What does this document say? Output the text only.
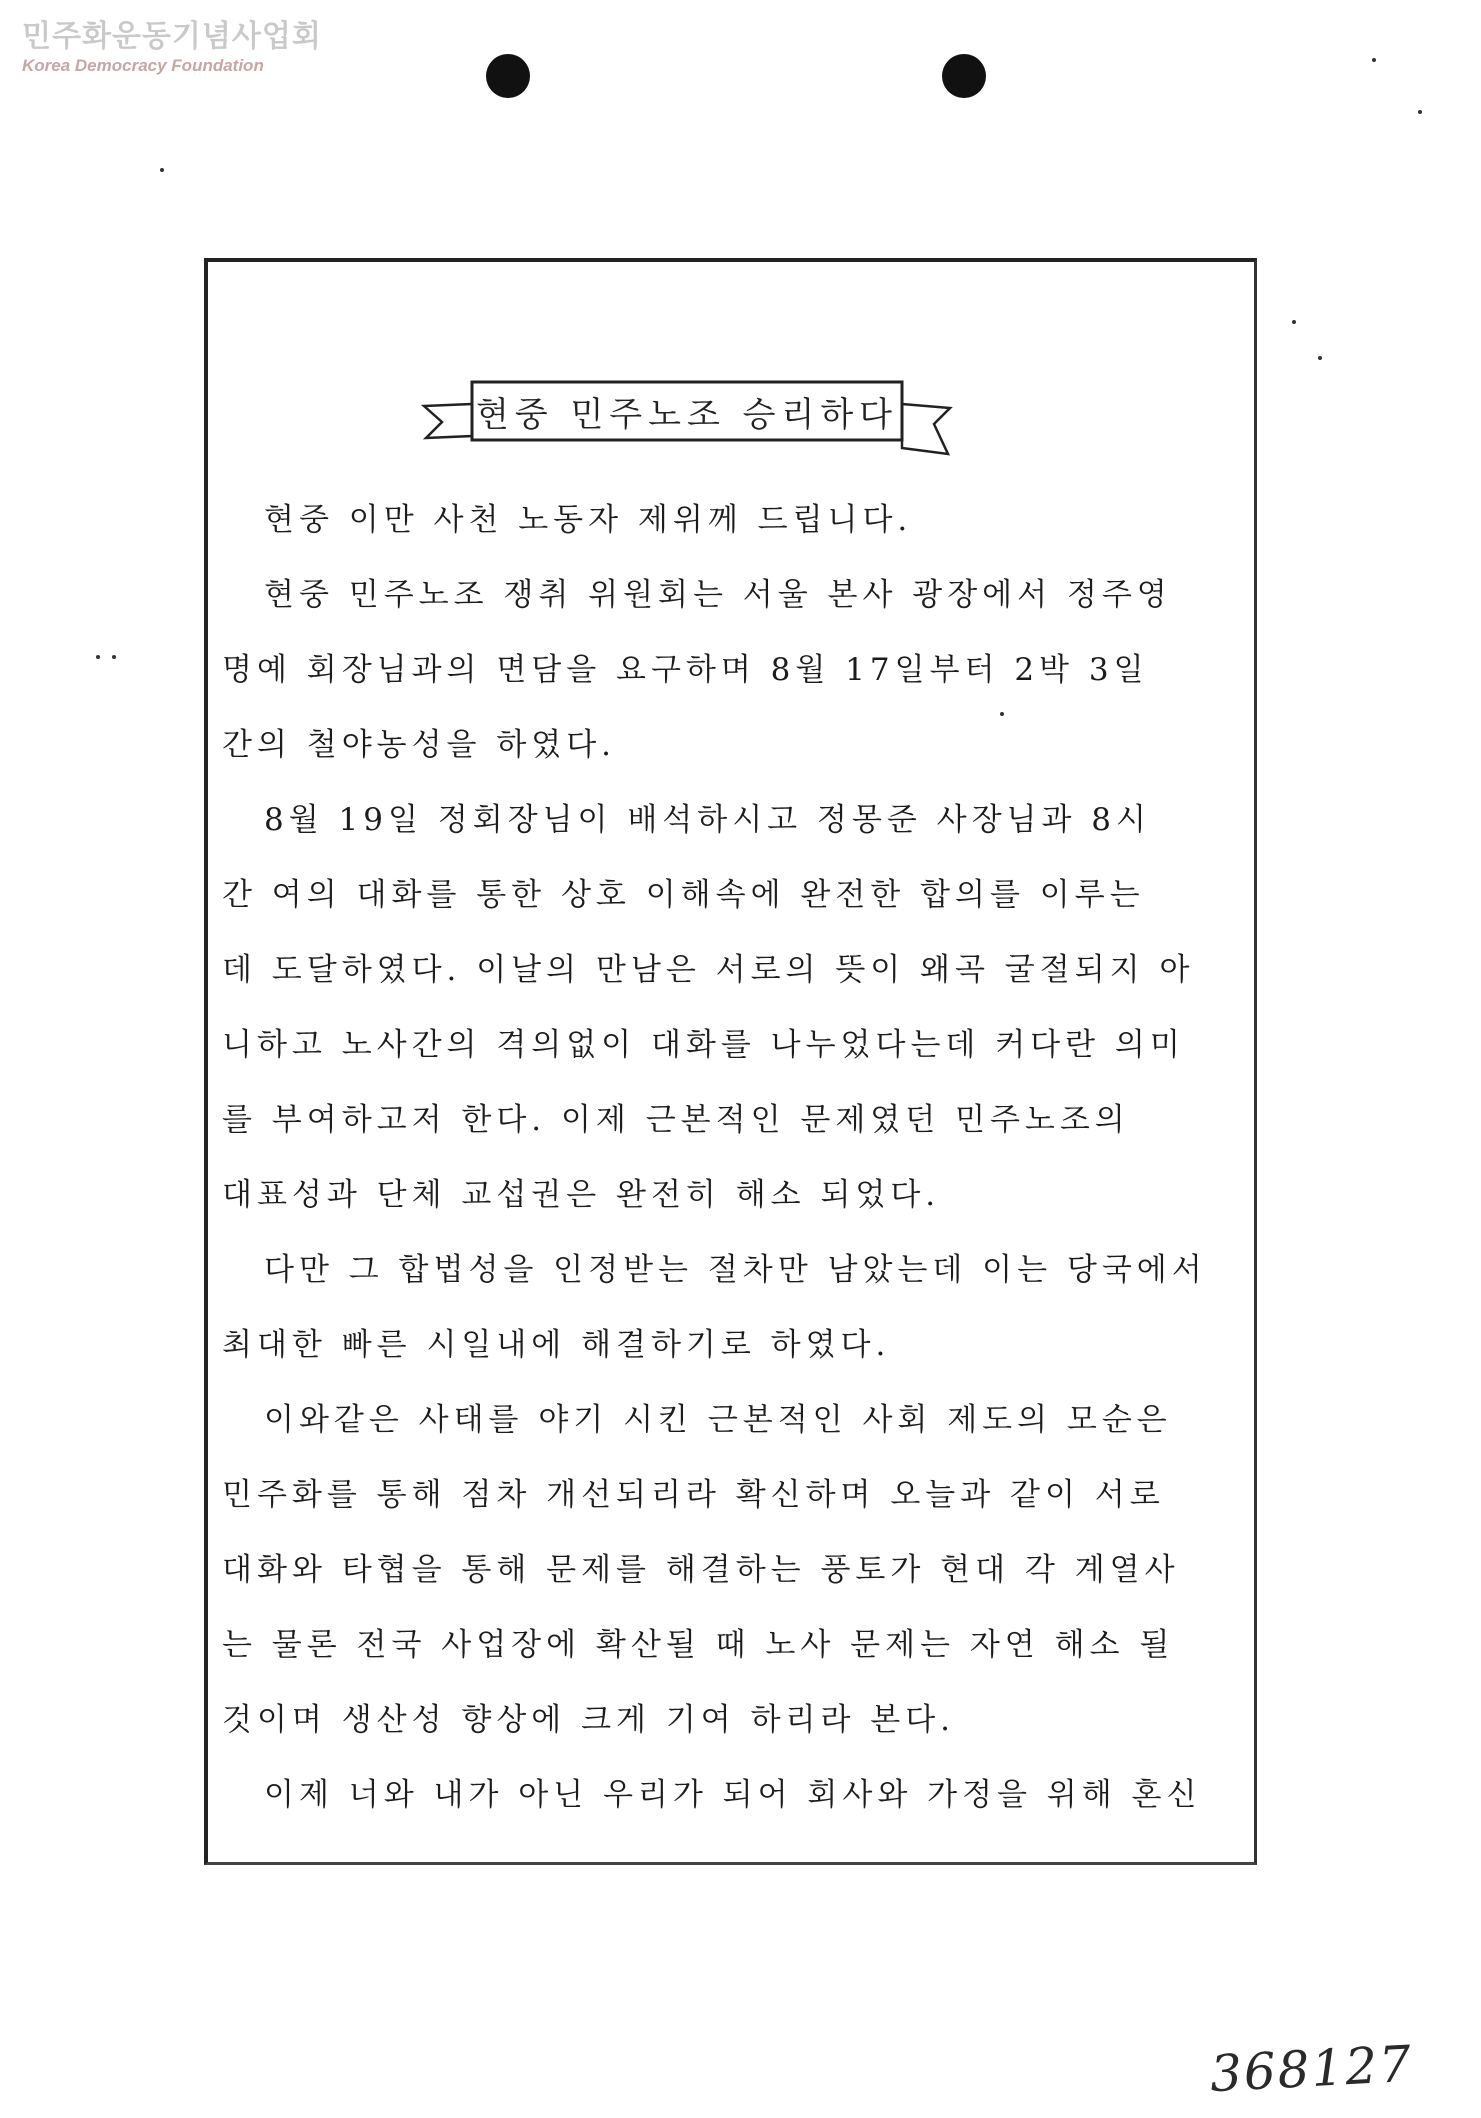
민주화운동기념사업회
Korea Democracy Foundation
현중 민주노조 승리하다
현중 이만 사천 노동자 제위께 드립니다.
현중 민주노조 쟁취 위원회는 서울 본사 광장에서 정주영
명예 회장님과의 면담을 요구하며 8월 17일부터 2박 3일
간의 철야농성을 하였다.
8월 19일 정회장님이 배석하시고 정몽준 사장님과 8시
간 여의 대화를 통한 상호 이해속에 완전한 합의를 이루는
데 도달하였다. 이날의 만남은 서로의 뜻이 왜곡 굴절되지 아
니하고 노사간의 격의없이 대화를 나누었다는데 커다란 의미
를 부여하고저 한다. 이제 근본적인 문제였던 민주노조의
대표성과 단체 교섭권은 완전히 해소 되었다.
다만 그 합법성을 인정받는 절차만 남았는데 이는 당국에서
최대한 빠른 시일내에 해결하기로 하였다.
이와같은 사태를 야기 시킨 근본적인 사회 제도의 모순은
민주화를 통해 점차 개선되리라 확신하며 오늘과 같이 서로
대화와 타협을 통해 문제를 해결하는 풍토가 현대 각 계열사
는 물론 전국 사업장에 확산될 때 노사 문제는 자연 해소 될
것이며 생산성 향상에 크게 기여 하리라 본다.
이제 너와 내가 아닌 우리가 되어 회사와 가정을 위해 혼신
368127
